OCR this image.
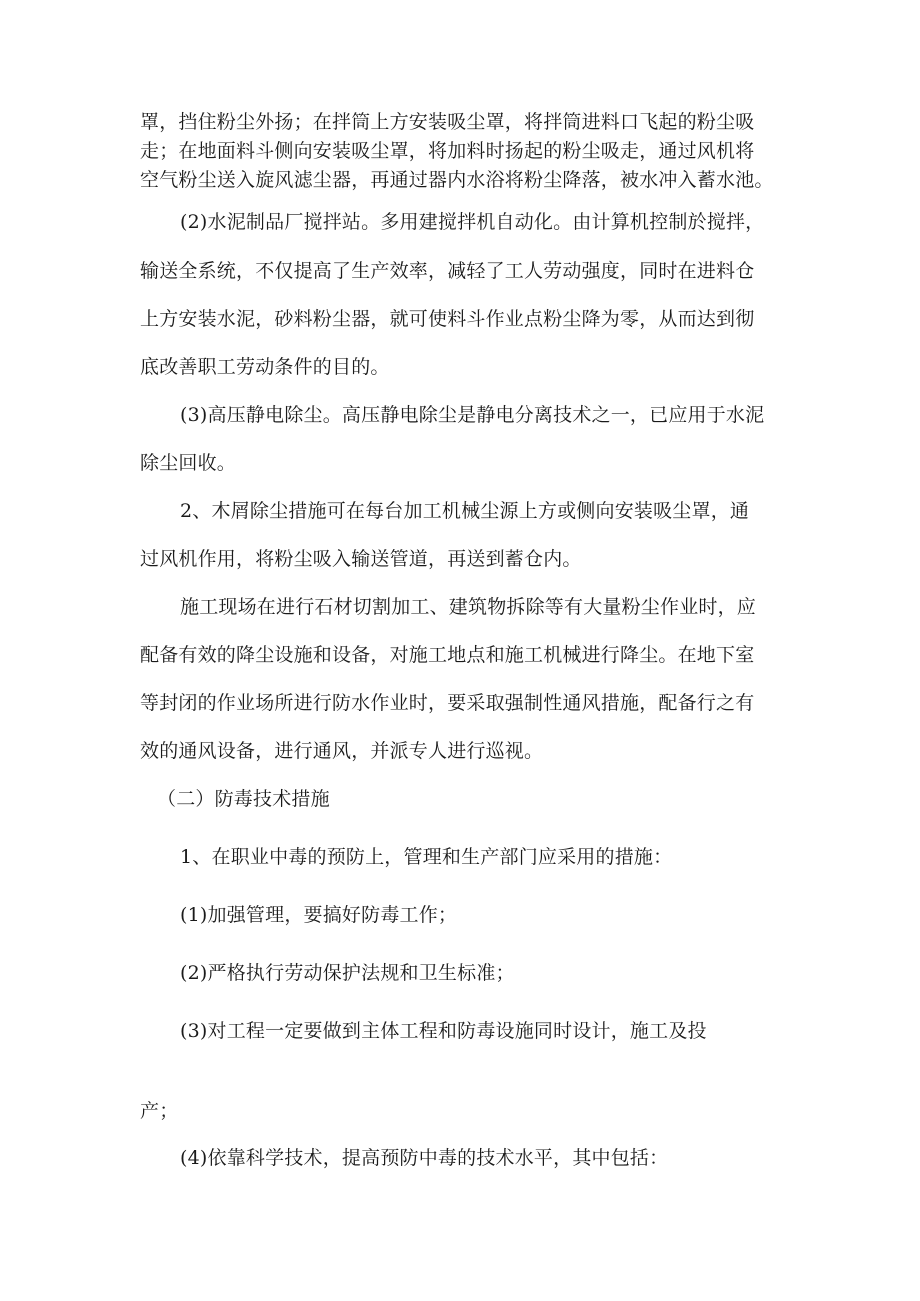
罩，挡住粉尘外扬；在拌筒上方安装吸尘罩，将拌筒进料口飞起的粉尘吸
走；在地面料斗侧向安装吸尘罩，将加料时扬起的粉尘吸走，通过风机将
空气粉尘送入旋风滤尘器，再通过器内水浴将粉尘降落，被水冲入蓄水池。
(2)水泥制品厂搅拌站。多用建搅拌机自动化。由计算机控制於搅拌，
输送全系统，不仅提高了生产效率，减轻了工人劳动强度，同时在进料仓
上方安装水泥，砂料粉尘器，就可使料斗作业点粉尘降为零，从而达到彻
底改善职工劳动条件的目的。
(3)高压静电除尘。高压静电除尘是静电分离技术之一，已应用于水泥
除尘回收。
2、木屑除尘措施可在每台加工机械尘源上方或侧向安装吸尘罩，通
过风机作用，将粉尘吸入输送管道，再送到蓄仓内。
施工现场在进行石材切割加工、建筑物拆除等有大量粉尘作业时，应
配备有效的降尘设施和设备，对施工地点和施工机械进行降尘。在地下室
等封闭的作业场所进行防水作业时，要采取强制性通风措施，配备行之有
效的通风设备，进行通风，并派专人进行巡视。
（二）防毒技术措施
1、在职业中毒的预防上，管理和生产部门应采用的措施：
(1)加强管理，要搞好防毒工作；
(2)严格执行劳动保护法规和卫生标准；
(3)对工程一定要做到主体工程和防毒设施同时设计，施工及投
产；
(4)依靠科学技术，提高预防中毒的技术水平，其中包括：
